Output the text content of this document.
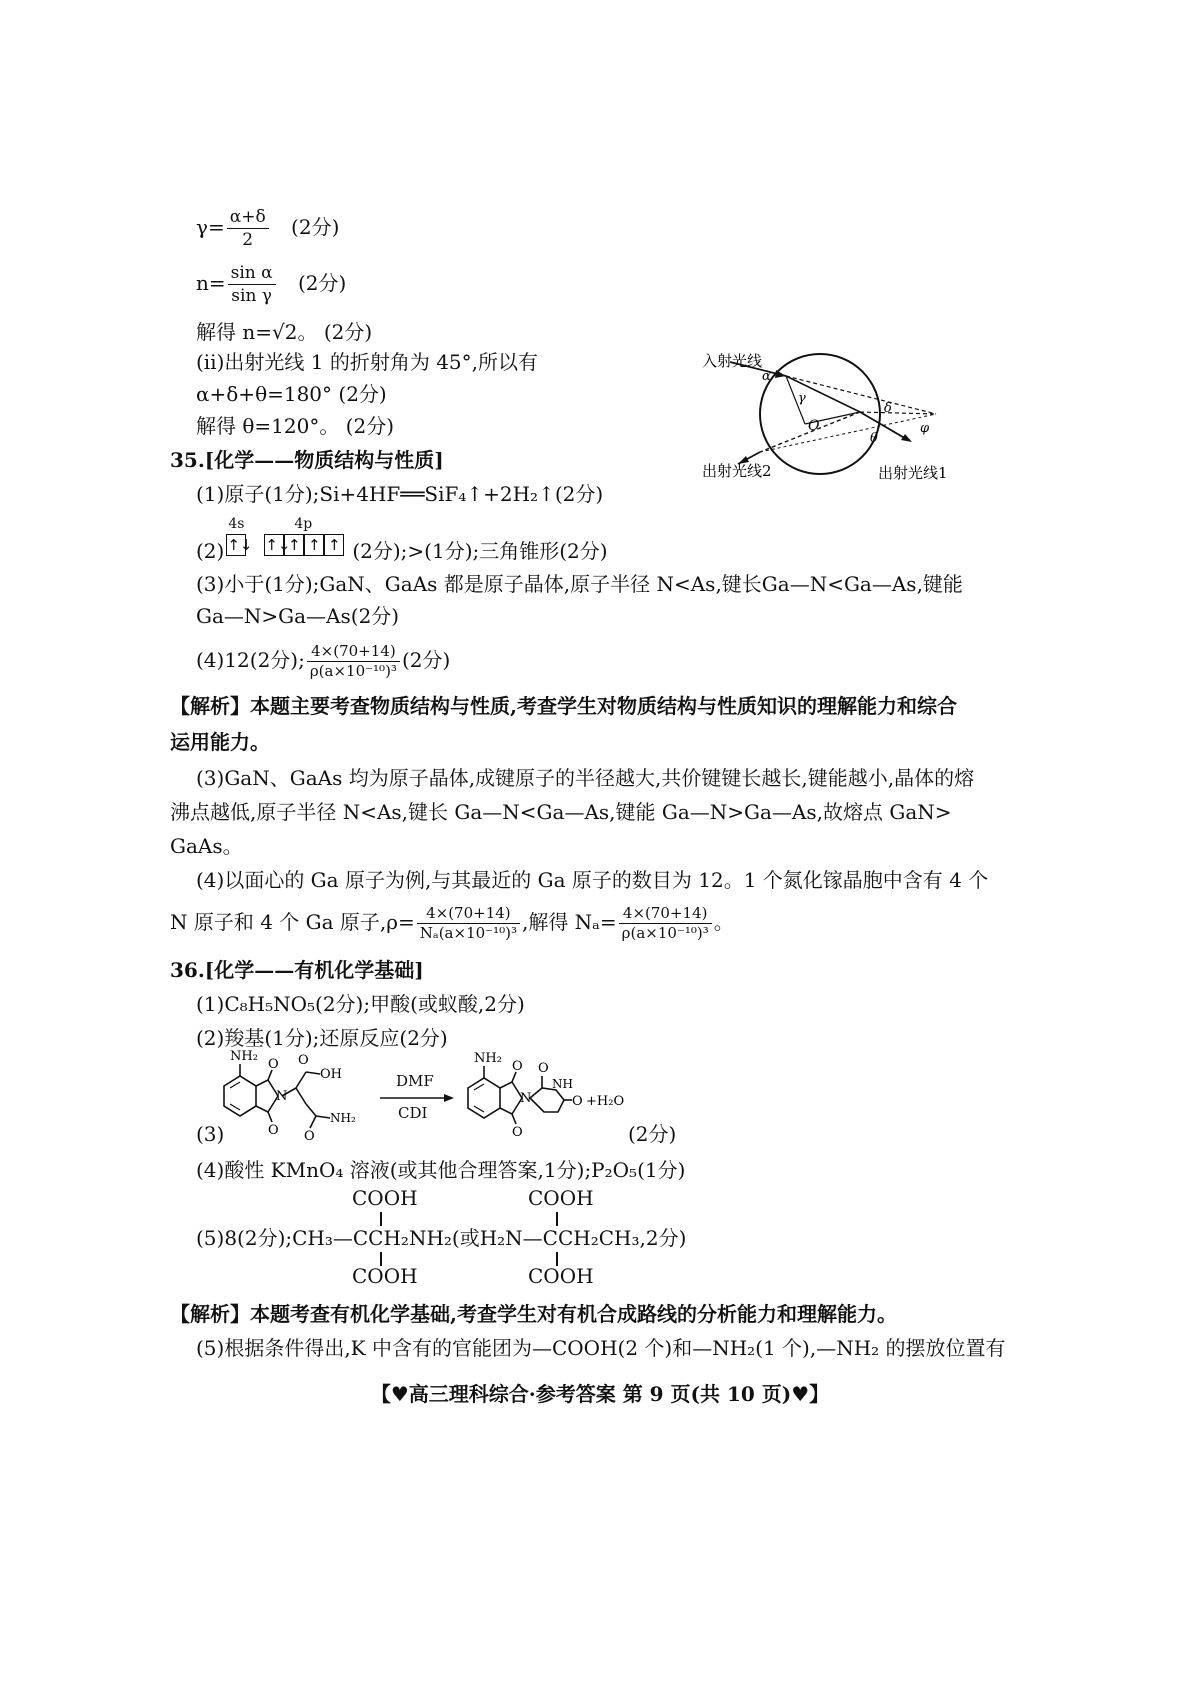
$\gamma= \frac{\alpha+\delta}{2} (2$分)
$n= \frac{\text{sin α}}{\text{sin γ}} (2$分)
解得 n=√2。 (2分)
(ⅱ)出射光线 1 的折射角为 45°,所以有
α+δ+θ=180° (2分)
解得 θ=120°。 (2分)
入射光线
α
γ
O
δ
θ
φ
出射光线2	出射光线1
35.[化学——物质结构与性质]
(1)原子(1分);Si+4HF══SiF₄↑+2H₂↑(2分)
(2)
4s
↑↓
4p
↑↓
↑ ↑ ↑ (2分);>(1分);三角锥形(2分)
(3)小于(1分);GaN、GaAs 都是原子晶体,原子半径 N<As,键长Ga—N<Ga—As,键能
Ga—N>Ga—As(2分)
(4)12(2分); $\frac{4\times(70+14)}{\text{ρ(a×10⁻¹⁰)³}} (2$分)
【解析】本题主要考查物质结构与性质,考查学生对物质结构与性质知识的理解能力和综合
运用能力。
(3)GaN、GaAs 均为原子晶体,成键原子的半径越大,共价键键长越长,键能越小,晶体的熔
沸点越低,原子半径 N<As,键长 Ga—N<Ga—As,键能 Ga—N>Ga—As,故熔点 GaN>
GaAs。
(4)以面心的 Ga 原子为例,与其最近的 Ga 原子的数目为 12。1 个氮化镓晶胞中含有 4 个
N 原子和 4 个 Ga 原子$,\rho= \frac{4\times(70+14)}{\text{Nₐ(a×10⁻¹⁰)³}}$ ,解得 $N_a= \frac{4\times(70+14)}{\text{ρ(a×10⁻¹⁰)³}}$ 。
36.[化学——有机化学基础]
(1)C₈H₅NO₅(2分);甲酸(或蚁酸,2分)
(2)羧基(1分);还原反应(2分)
(3)
NH₂
O
O
N
O
OH
NH₂
O
DMF
CDI
NH₂
O
O
N
O
NH
O +H₂O
(2分)
(4)酸性 KMnO₄ 溶液(或其他合理答案,1分);P₂O₅(1分)
COOH	COOH
(5)8(2分);CH₃—CCH₂NH₂(或H₂N—CCH₂CH₃,2分)
COOH	COOH
【解析】本题考查有机化学基础,考查学生对有机合成路线的分析能力和理解能力。
(5)根据条件得出,K 中含有的官能团为—COOH(2 个)和—NH₂(1 个),—NH₂ 的摆放位置有
【♥高三理科综合·参考答案 第 9 页(共 10 页)♥】
